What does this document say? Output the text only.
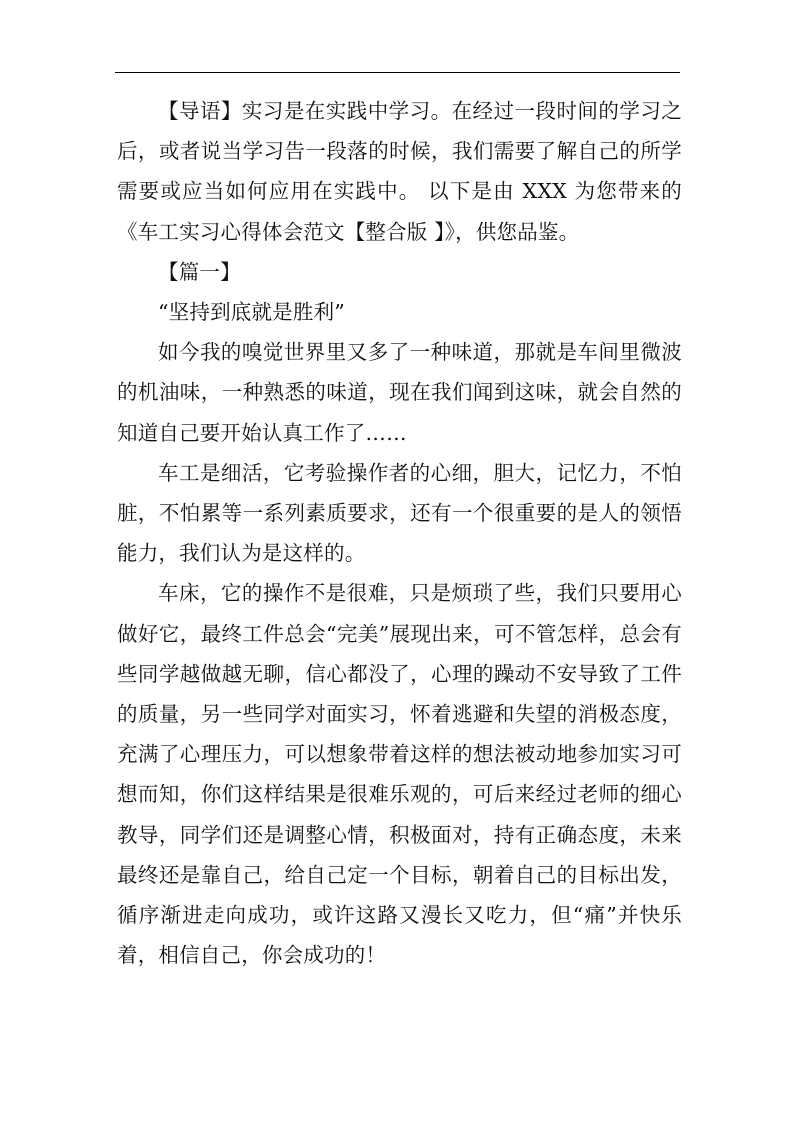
【导语】实习是在实践中学习。在经过一段时间的学习之后，或者说当学习告一段落的时候，我们需要了解自己的所学需要或应当如何应用在实践中。 以下是由 XXX 为您带来的《车工实习心得体会范文【整合版 】》，供您品鉴。

【篇一】

“坚持到底就是胜利”

如今我的嗅觉世界里又多了一种味道，那就是车间里微波的机油味，一种熟悉的味道，现在我们闻到这味，就会自然的知道自己要开始认真工作了……

车工是细活，它考验操作者的心细，胆大，记忆力，不怕脏，不怕累等一系列素质要求，还有一个很重要的是人的领悟能力，我们认为是这样的。

车床，它的操作不是很难，只是烦琐了些，我们只要用心做好它，最终工件总会“完美”展现出来，可不管怎样，总会有些同学越做越无聊，信心都没了，心理的躁动不安导致了工件的质量，另一些同学对面实习，怀着逃避和失望的消极态度，充满了心理压力，可以想象带着这样的想法被动地参加实习可想而知，你们这样结果是很难乐观的，可后来经过老师的细心教导，同学们还是调整心情，积极面对，持有正确态度，未来最终还是靠自己，给自己定一个目标，朝着自己的目标出发，循序渐进走向成功，或许这路又漫长又吃力，但“痛”并快乐着，相信自己，你会成功的！
